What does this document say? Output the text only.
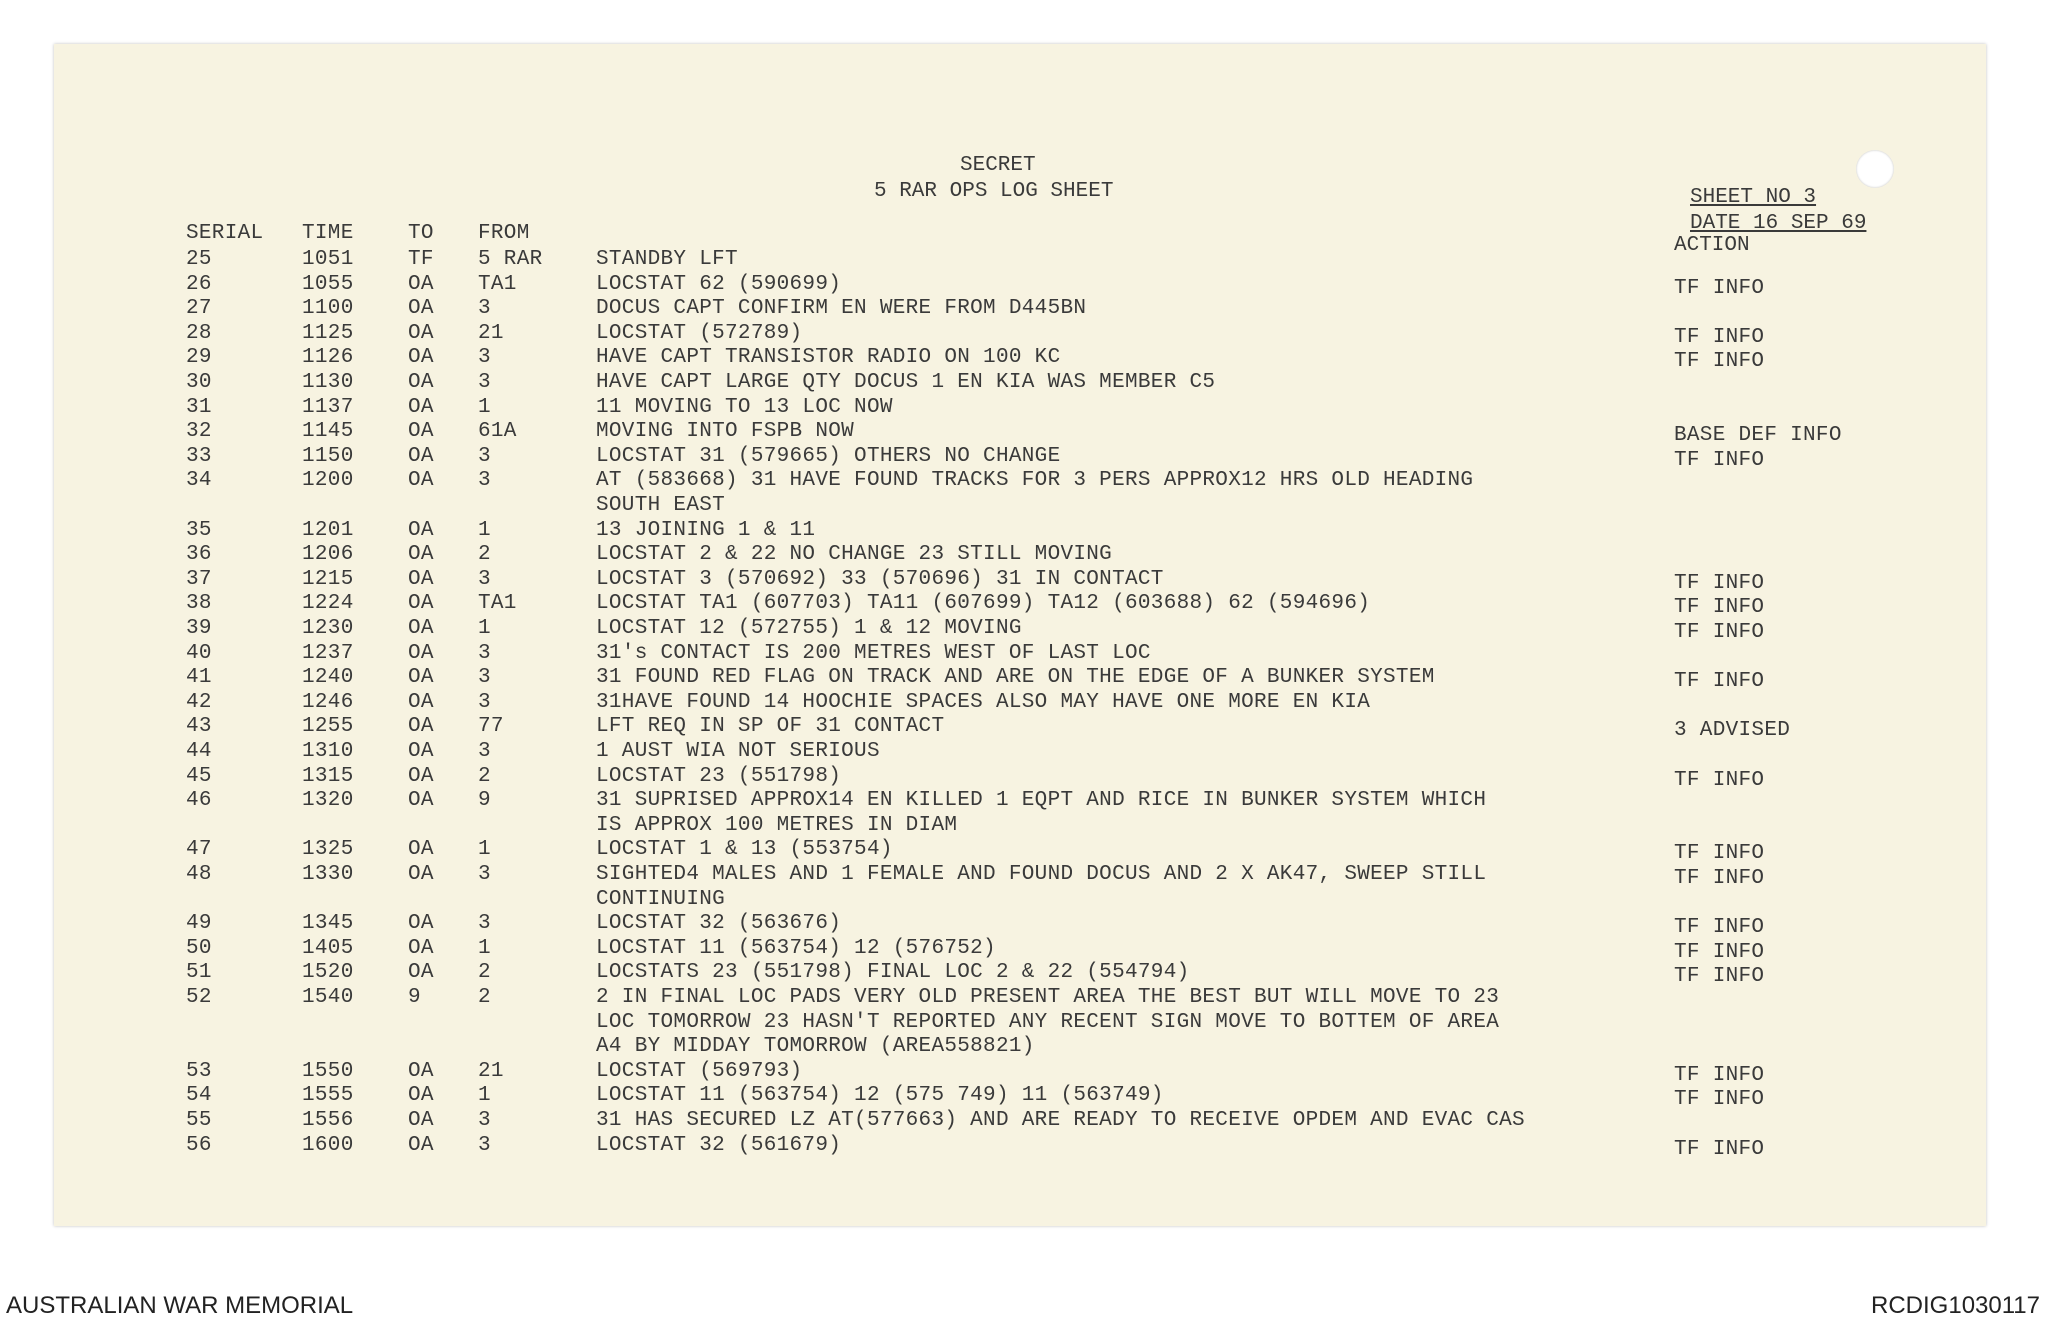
SECRET
5 RAR OPS LOG SHEET	SHEET NO 3
DATE 16 SEP 69
SERIAL TIME	TO FROM
ACTION
25	1051	TF 5 RAR	STANDBY LFT
26	1055	OA TA1	LOCSTAT 62 (590699)	TF INFO
27	1100	OA 3	DOCUS CAPT CONFIRM EN WERE FROM D445BN
28	1125	OA 21	LOCSTAT (572789)	TF INFO
29	1126	OA 3	HAVE CAPT TRANSISTOR RADIO ON 100 KC	TF INFO
30	1130	OA 3	HAVE CAPT LARGE QTY DOCUS 1 EN KIA WAS MEMBER C5
31	1137	OA 1	11 MOVING TO 13 LOC NOW
32	1145	OA 61A	MOVING INTO FSPB NOW	BASE DEF INFO
33	1150	OA 3	LOCSTAT 31 (579665) OTHERS NO CHANGE	TF INFO
34	1200	OA 3	AT (583668) 31 HAVE FOUND TRACKS FOR 3 PERS APPROX12 HRS OLD HEADING
SOUTH EAST
35	1201	OA 1	13 JOINING 1 & 11
36	1206	OA 2	LOCSTAT 2 & 22 NO CHANGE 23 STILL MOVING
37	1215	OA 3	LOCSTAT 3 (570692) 33 (570696) 31 IN CONTACT	TF INFO
38	1224	OA TA1	LOCSTAT TA1 (607703) TA11 (607699) TA12 (603688) 62 (594696)	TF INFO
39	1230	OA 1	LOCSTAT 12 (572755) 1 & 12 MOVING	TF INFO
40	1237	OA 3	31's CONTACT IS 200 METRES WEST OF LAST LOC
41	1240	OA 3	31 FOUND RED FLAG ON TRACK AND ARE ON THE EDGE OF A BUNKER SYSTEM	TF INFO
42	1246	OA 3	31HAVE FOUND 14 HOOCHIE SPACES ALSO MAY HAVE ONE MORE EN KIA
43	1255	OA 77	LFT REQ IN SP OF 31 CONTACT	3 ADVISED
44	1310	OA 3	1 AUST WIA NOT SERIOUS
45	1315	OA 2	LOCSTAT 23 (551798)	TF INFO
46	1320	OA 9	31 SUPRISED APPROX14 EN KILLED 1 EQPT AND RICE IN BUNKER SYSTEM WHICH
IS APPROX 100 METRES IN DIAM
47	1325	OA 1	LOCSTAT 1 & 13 (553754)	TF INFO
48	1330	OA 3	SIGHTED4 MALES AND 1 FEMALE AND FOUND DOCUS AND 2 X AK47, SWEEP STILL	TF INFO
CONTINUING
49	1345	OA 3	LOCSTAT 32 (563676)	TF INFO
50	1405	OA 1	LOCSTAT 11 (563754) 12 (576752)	TF INFO
51	1520	OA 2	LOCSTATS 23 (551798) FINAL LOC 2 & 22 (554794)	TF INFO
52	1540	9	2	2 IN FINAL LOC PADS VERY OLD PRESENT AREA THE BEST BUT WILL MOVE TO 23
LOC TOMORROW 23 HASN'T REPORTED ANY RECENT SIGN MOVE TO BOTTEM OF AREA
A4 BY MIDDAY TOMORROW (AREA558821)
53	1550	OA 21	LOCSTAT (569793)	TF INFO
54	1555	OA 1	LOCSTAT 11 (563754) 12 (575 749) 11 (563749)	TF INFO
55	1556	OA 3	31 HAS SECURED LZ AT(577663) AND ARE READY TO RECEIVE OPDEM AND EVAC CAS
56	1600	OA 3	LOCSTAT 32 (561679)	TF INFO
AUSTRALIAN WAR MEMORIAL	RCDIG1030117
